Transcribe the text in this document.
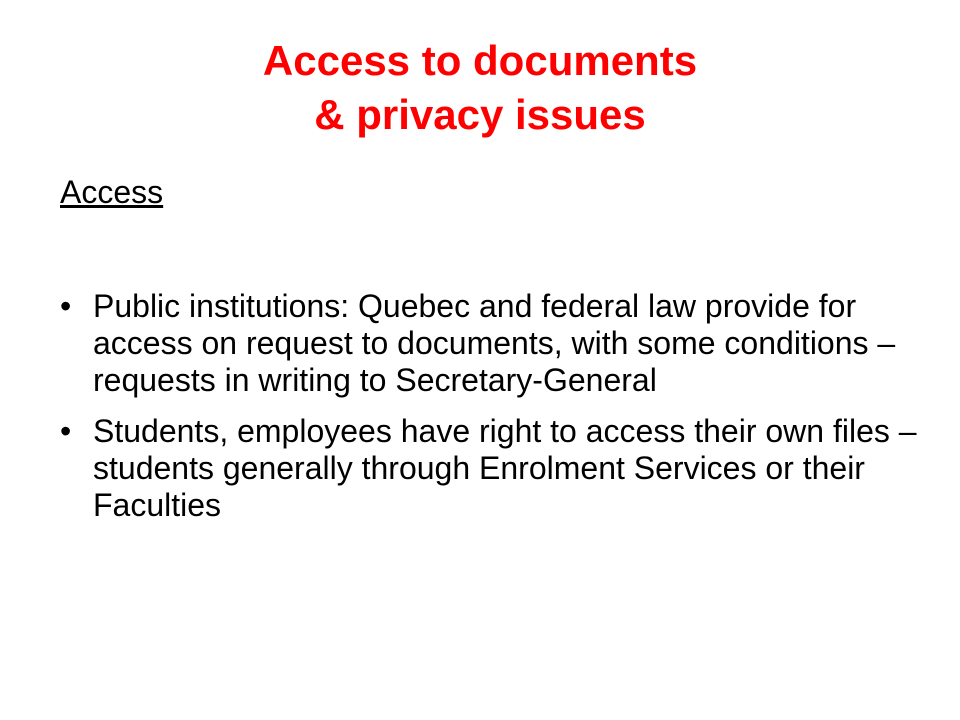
Access to documents
& privacy issues
Access
• Public institutions: Quebec and federal law provide for access on request to documents, with some conditions – requests in writing to Secretary-General
• Students, employees have right to access their own files – students generally through Enrolment Services or their Faculties
